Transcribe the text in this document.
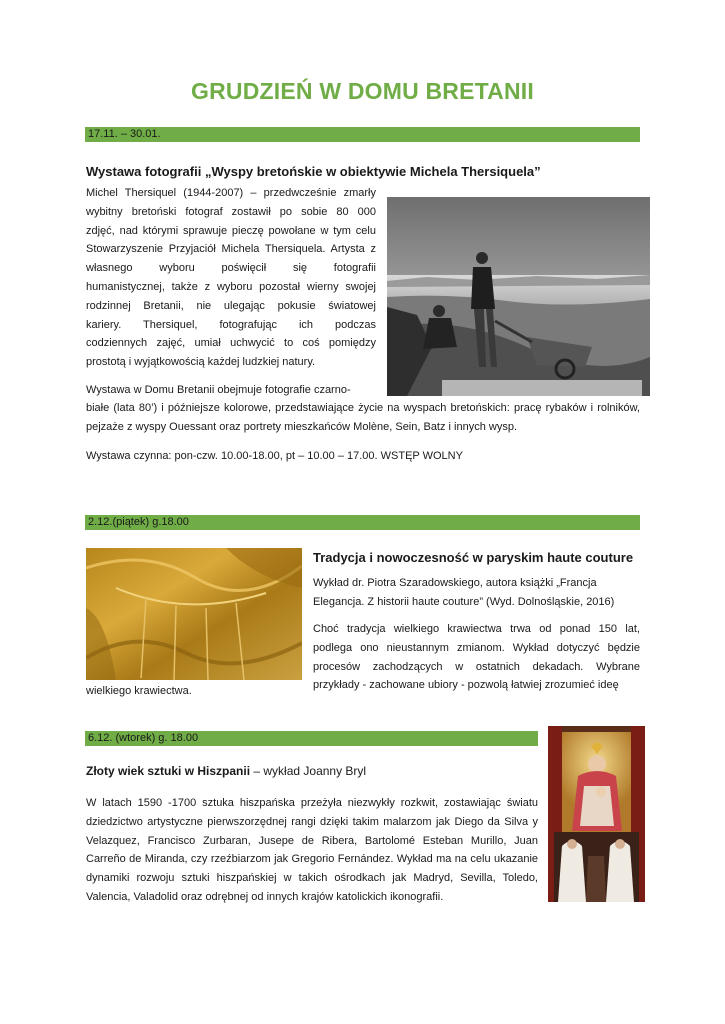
GRUDZIEŃ W DOMU BRETANII
17.11. – 30.01.
Wystawa fotografii „Wyspy bretońskie w obiektywie Michela Thersiquela”
Michel Thersiquel (1944-2007) – przedwcześnie zmarły
wybitny bretoński fotograf zostawił po sobie 80 000
zdjęć, nad którymi sprawuje pieczę powołane w tym celu
Stowarzyszenie Przyjaciół Michela Thersiquela. Artysta z
własnego wyboru poświęcił się fotografii
humanistycznej, także z wyboru pozostał wierny swojej
rodzinnej Bretanii, nie ulegając pokusie światowej
kariery. Thersiquel, fotografując ich podczas
codziennych zajęć, umiał uchwycić to coś pomiędzy
prostotą i wyjątkowością każdej ludzkiej natury.
Wystawa w Domu Bretanii obejmuje fotografie czarno-
białe (lata 80’) i późniejsze kolorowe, przedstawiające życie na wyspach bretońskich: pracę rybaków i rolników, pejzaże z wyspy Ouessant oraz portrety mieszkańców Molène, Sein, Batz i innych wysp.
Wystawa czynna: pon-czw. 10.00-18.00, pt – 10.00 – 17.00. WSTĘP WOLNY
2.12.(piątek) g.18.00
Tradycja i nowoczesność w paryskim haute couture
Wykład dr. Piotra Szaradowskiego, autora książki „Francja Elegancja. Z historii haute couture” (Wyd. Dolnośląskie, 2016)
Choć tradycja wielkiego krawiectwa trwa od ponad 150 lat, podlega ono nieustannym zmianom. Wykład dotyczyć będzie procesów zachodzących w ostatnich dekadach. Wybrane przykłady - zachowane ubiory - pozwolą łatwiej zrozumieć ideę
wielkiego krawiectwa.
6.12. (wtorek) g. 18.00
Złoty wiek sztuki w Hiszpanii – wykład Joanny Bryl
W latach 1590 -1700 sztuka hiszpańska przeżyła niezwykły rozkwit, zostawiając światu dziedzictwo artystyczne pierwszorzędnej rangi dzięki takim malarzom jak Diego da Silva y Velazquez, Francisco Zurbaran, Jusepe de Ribera, Bartolomé Esteban Murillo, Juan Carreño de Miranda, czy rzeźbiarzom jak Gregorio Fernández. Wykład ma na celu ukazanie dynamiki rozwoju sztuki hiszpańskiej w takich ośrodkach jak Madryd, Sevilla, Toledo, Valencia, Valadolid oraz odrębnej od innych krajów katolickich ikonografii.
